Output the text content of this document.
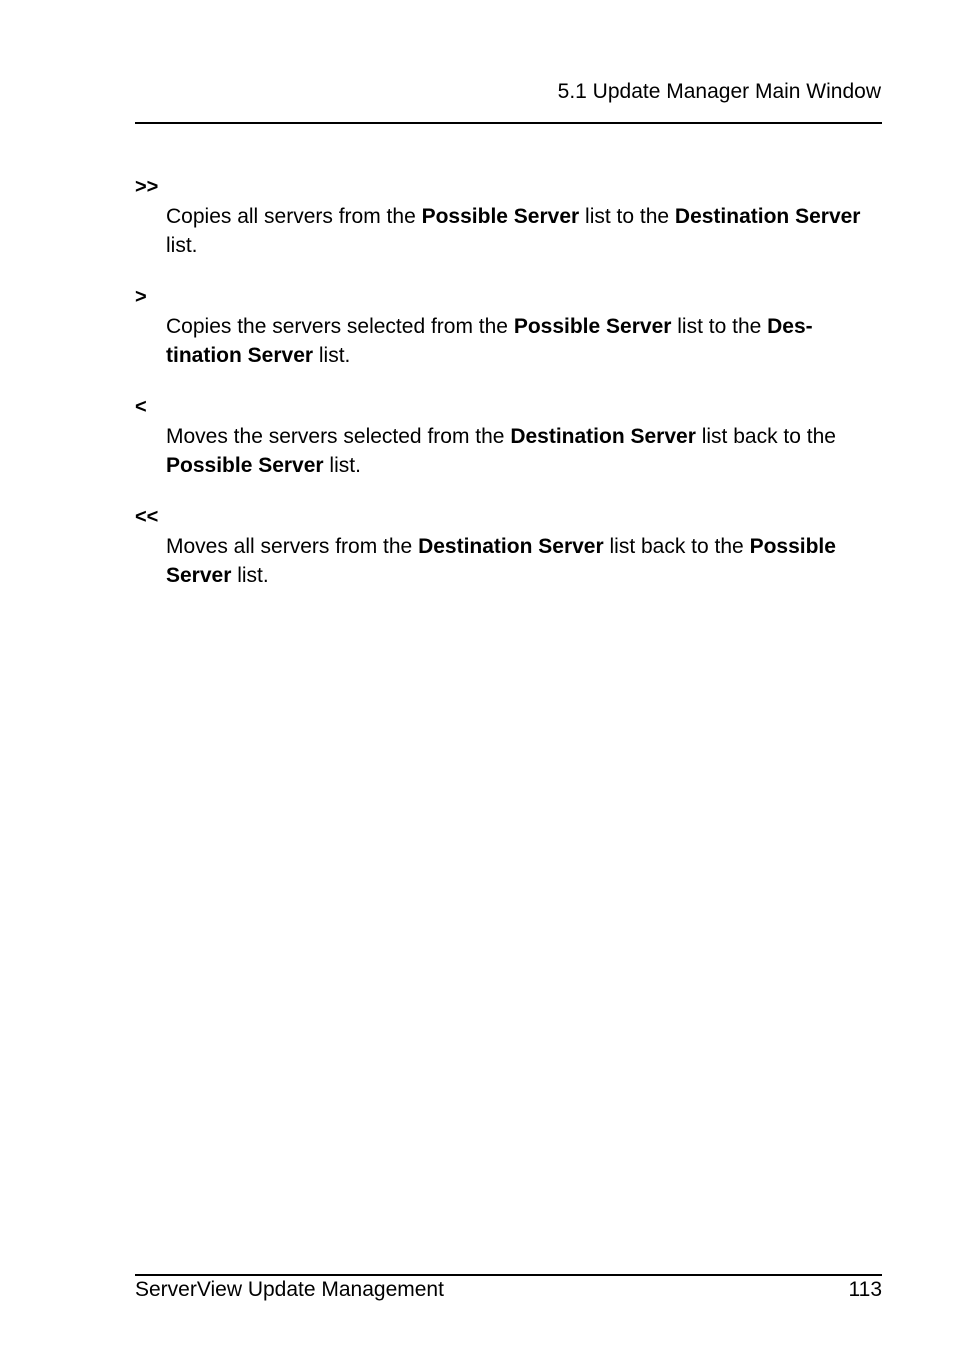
5.1 Update Manager Main Window
>>
Copies all servers from the Possible Server list to the Destination Server list.
>
Copies the servers selected from the Possible Server list to the Des-
tination Server list.
<
Moves the servers selected from the Destination Server list back to the
Possible Server list.
<<
Moves all servers from the Destination Server list back to the Possible Server list.
ServerView Update Management	113
